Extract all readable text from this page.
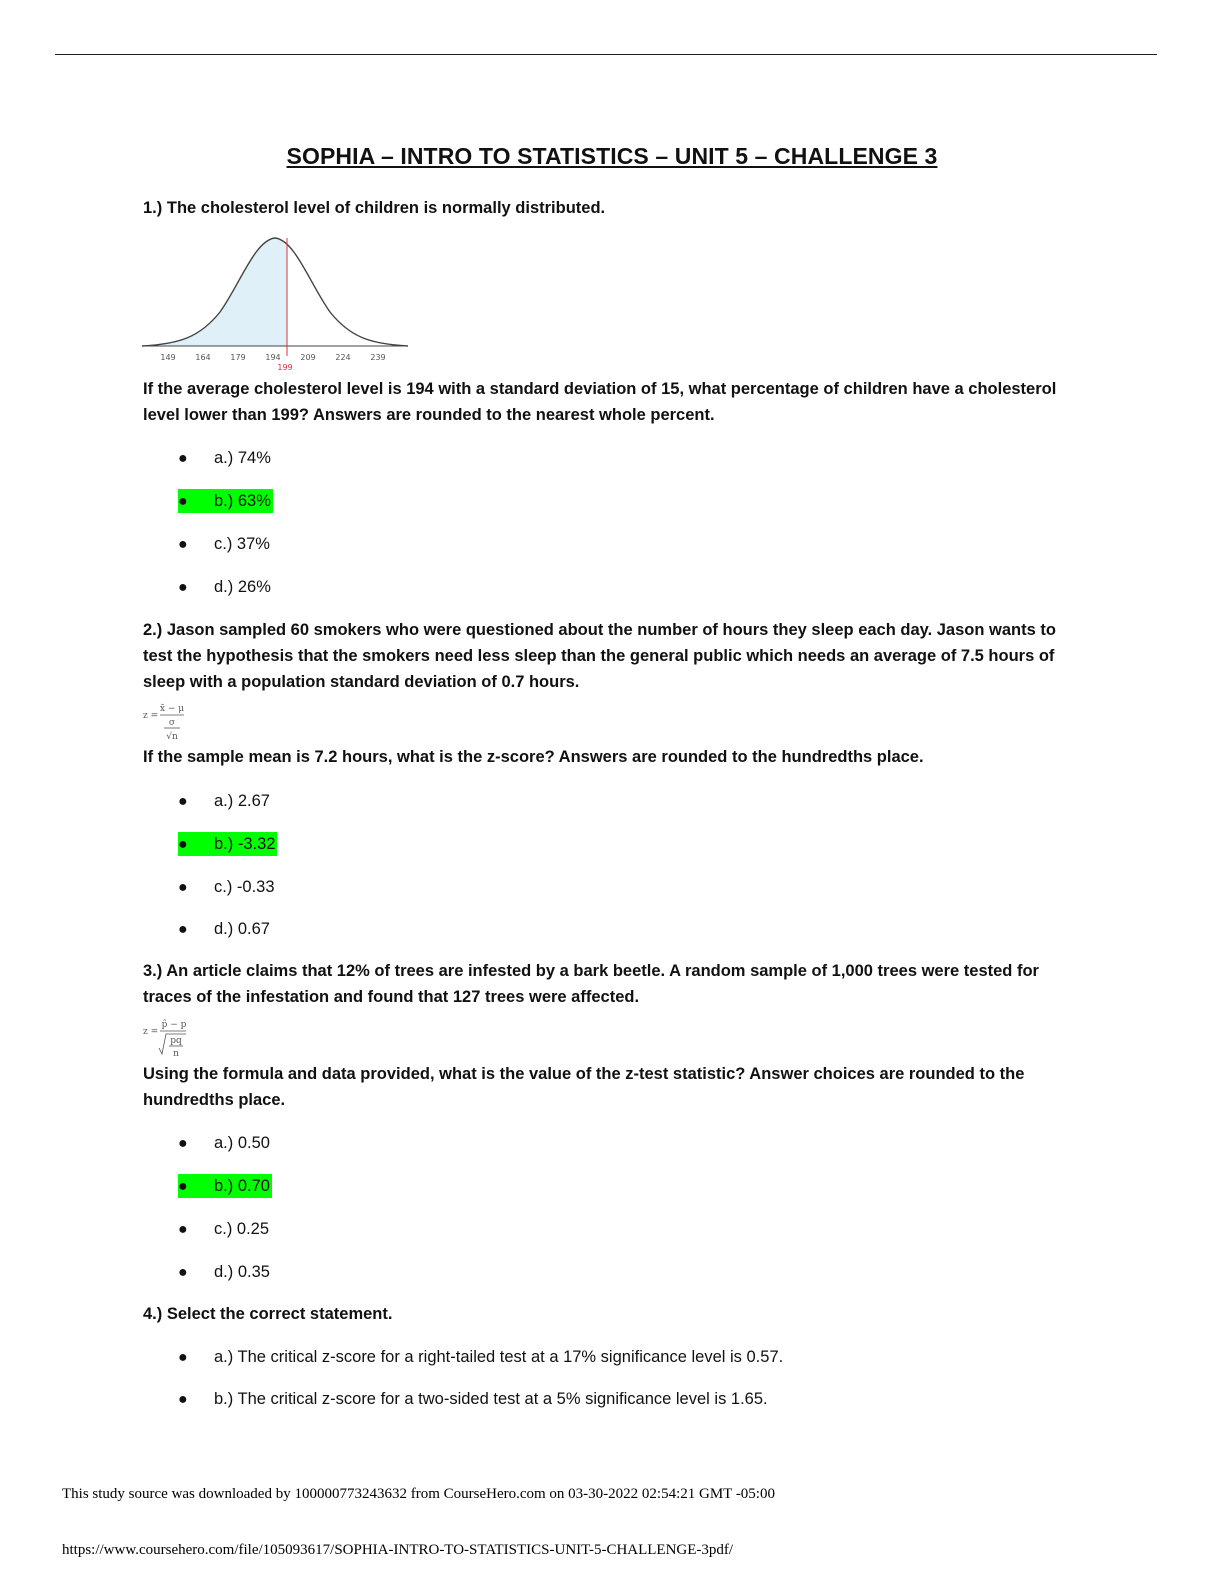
SOPHIA – INTRO TO STATISTICS – UNIT 5 – CHALLENGE 3
1.) The cholesterol level of children is normally distributed.
149 164 179 194 209 224 239
199
If the average cholesterol level is 194 with a standard deviation of 15, what percentage of children have a cholesterol level lower than 199? Answers are rounded to the nearest whole percent.
● a.) 74%
● b.) 63%
● c.) 37%
● d.) 26%
2.) Jason sampled 60 smokers who were questioned about the number of hours they sleep each day. Jason wants to test the hypothesis that the smokers need less sleep than the general public which needs an average of 7.5 hours of sleep with a population standard deviation of 0.7 hours.
z =
x̄ − μ
σ
√n
If the sample mean is 7.2 hours, what is the z-score? Answers are rounded to the hundredths place.
● a.) 2.67
● b.) -3.32
● c.) -0.33
● d.) 0.67
3.) An article claims that 12% of trees are infested by a bark beetle. A random sample of 1,000 trees were tested for traces of the infestation and found that 127 trees were affected.
z =
p̂ − p
pq
n
Using the formula and data provided, what is the value of the z-test statistic? Answer choices are rounded to the hundredths place.
● a.) 0.50
● b.) 0.70
● c.) 0.25
● d.) 0.35
4.) Select the correct statement.
● a.) The critical z-score for a right-tailed test at a 17% significance level is 0.57.
● b.) The critical z-score for a two-sided test at a 5% significance level is 1.65.
This study source was downloaded by 100000773243632 from CourseHero.com on 03-30-2022 02:54:21 GMT -05:00
https://www.coursehero.com/file/105093617/SOPHIA-INTRO-TO-STATISTICS-UNIT-5-CHALLENGE-3pdf/
